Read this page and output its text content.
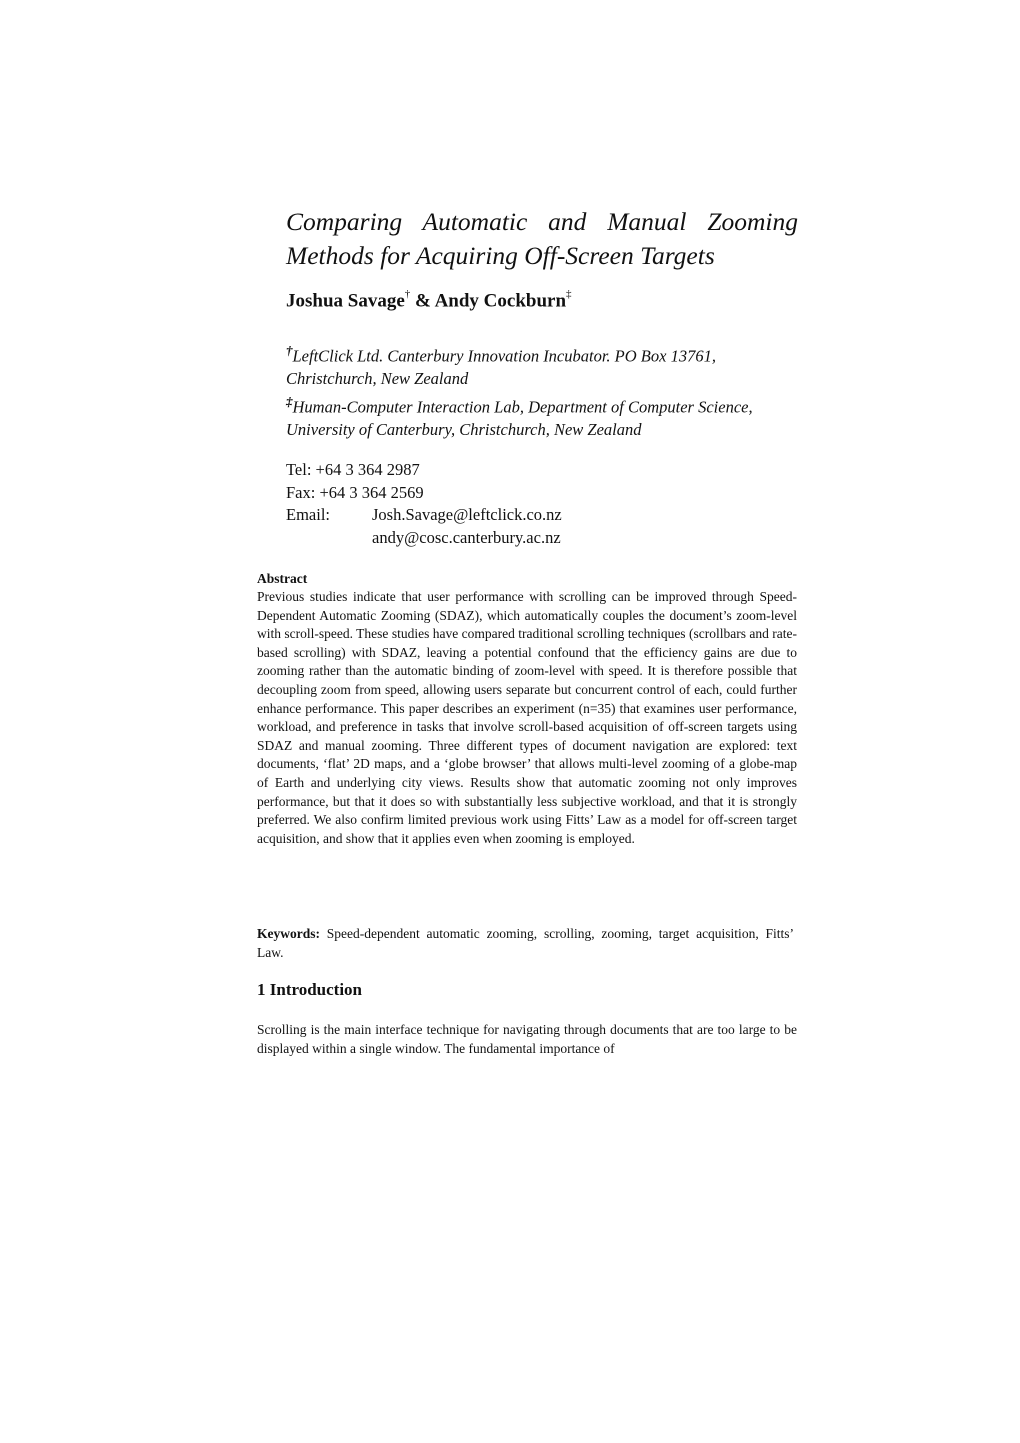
Comparing Automatic and Manual Zooming
Methods for Acquiring Off-Screen Targets

Joshua Savage† & Andy Cockburn‡

†LeftClick Ltd. Canterbury Innovation Incubator. PO Box 13761, Christchurch, New Zealand

‡Human-Computer Interaction Lab, Department of Computer Science, University of Canterbury, Christchurch, New Zealand

Tel: +64 3 364 2987
Fax: +64 3 364 2569
Email:	Josh.Savage@leftclick.co.nz
andy@cosc.canterbury.ac.nz
Abstract

Previous studies indicate that user performance with scrolling can be improved through Speed-Dependent Automatic Zooming (SDAZ), which automatically couples the document’s zoom-level with scroll-speed. These studies have compared traditional scrolling techniques (scrollbars and rate-based scrolling) with SDAZ, leaving a potential confound that the efficiency gains are due to zooming rather than the automatic binding of zoom-level with speed. It is therefore possible that decoupling zoom from speed, allowing users separate but concurrent control of each, could further enhance performance. This paper describes an experiment (n=35) that examines user performance, workload, and preference in tasks that involve scroll-based acquisition of off-screen targets using SDAZ and manual zooming. Three different types of document navigation are explored: text documents, ‘flat’ 2D maps, and a ‘globe browser’ that allows multi-level zooming of a globe-map of Earth and underlying city views. Results show that automatic zooming not only improves performance, but that it does so with substantially less subjective workload, and that it is strongly preferred. We also confirm limited previous work using Fitts’ Law as a model for off-screen target acquisition, and show that it applies even when zooming is employed.

Keywords: Speed-dependent automatic zooming, scrolling, zooming, target acquisition, Fitts’ Law.

1 Introduction

Scrolling is the main interface technique for navigating through documents that are too large to be displayed within a single window. The fundamental importance of
